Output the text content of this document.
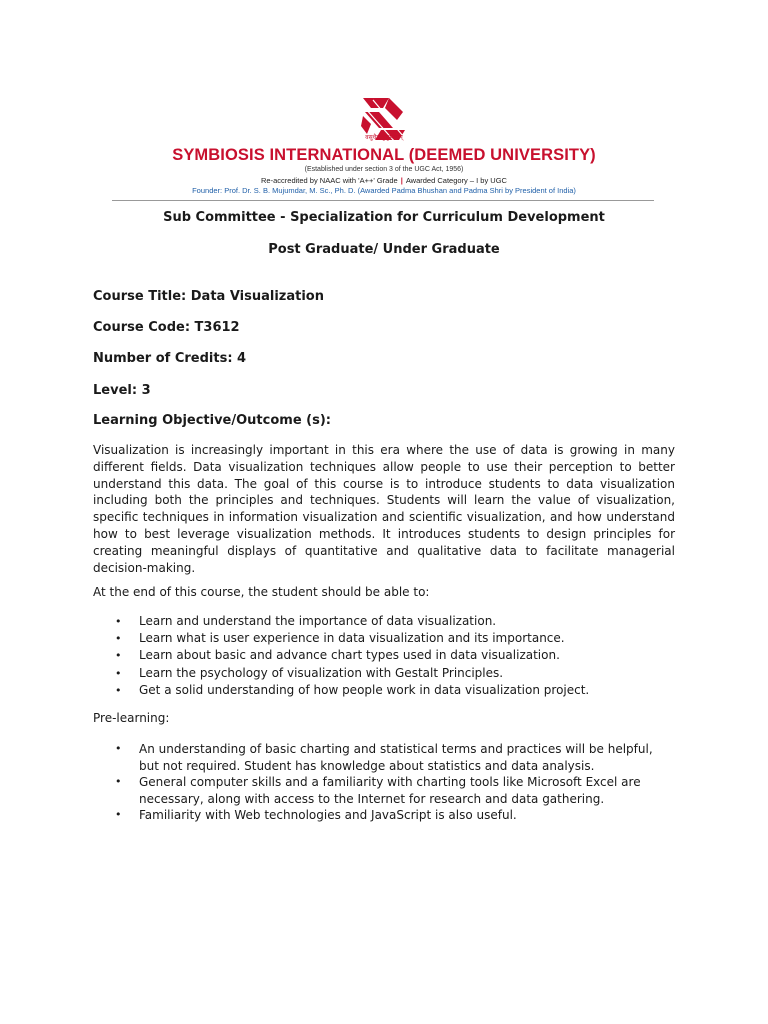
वसुधैव कुटुम्बकम्
SYMBIOSIS INTERNATIONAL (DEEMED UNIVERSITY)
(Established under section 3 of the UGC Act, 1956)
Re-accredited by NAAC with 'A++' Grade | Awarded Category – I by UGC
Founder: Prof. Dr. S. B. Mujumdar, M. Sc., Ph. D. (Awarded Padma Bhushan and Padma Shri by President of India)
Sub Committee - Specialization for Curriculum Development
Post Graduate/ Under Graduate
Course Title: Data Visualization
Course Code: T3612
Number of Credits: 4
Level: 3
Learning Objective/Outcome (s):

Visualization is increasingly important in this era where the use of data is growing in many different fields. Data visualization techniques allow people to use their perception to better understand this data. The goal of this course is to introduce students to data visualization including both the principles and techniques. Students will learn the value of visualization, specific techniques in information visualization and scientific visualization, and how understand how to best leverage visualization methods. It introduces students to design principles for creating meaningful displays of quantitative and qualitative data to facilitate managerial decision-making.

At the end of this course, the student should be able to:

• Learn and understand the importance of data visualization.
• Learn what is user experience in data visualization and its importance.
• Learn about basic and advance chart types used in data visualization.
• Learn the psychology of visualization with Gestalt Principles.
• Get a solid understanding of how people work in data visualization project.

Pre-learning:

• An understanding of basic charting and statistical terms and practices will be helpful, but not required. Student has knowledge about statistics and data analysis.
• General computer skills and a familiarity with charting tools like Microsoft Excel are necessary, along with access to the Internet for research and data gathering.
• Familiarity with Web technologies and JavaScript is also useful.
